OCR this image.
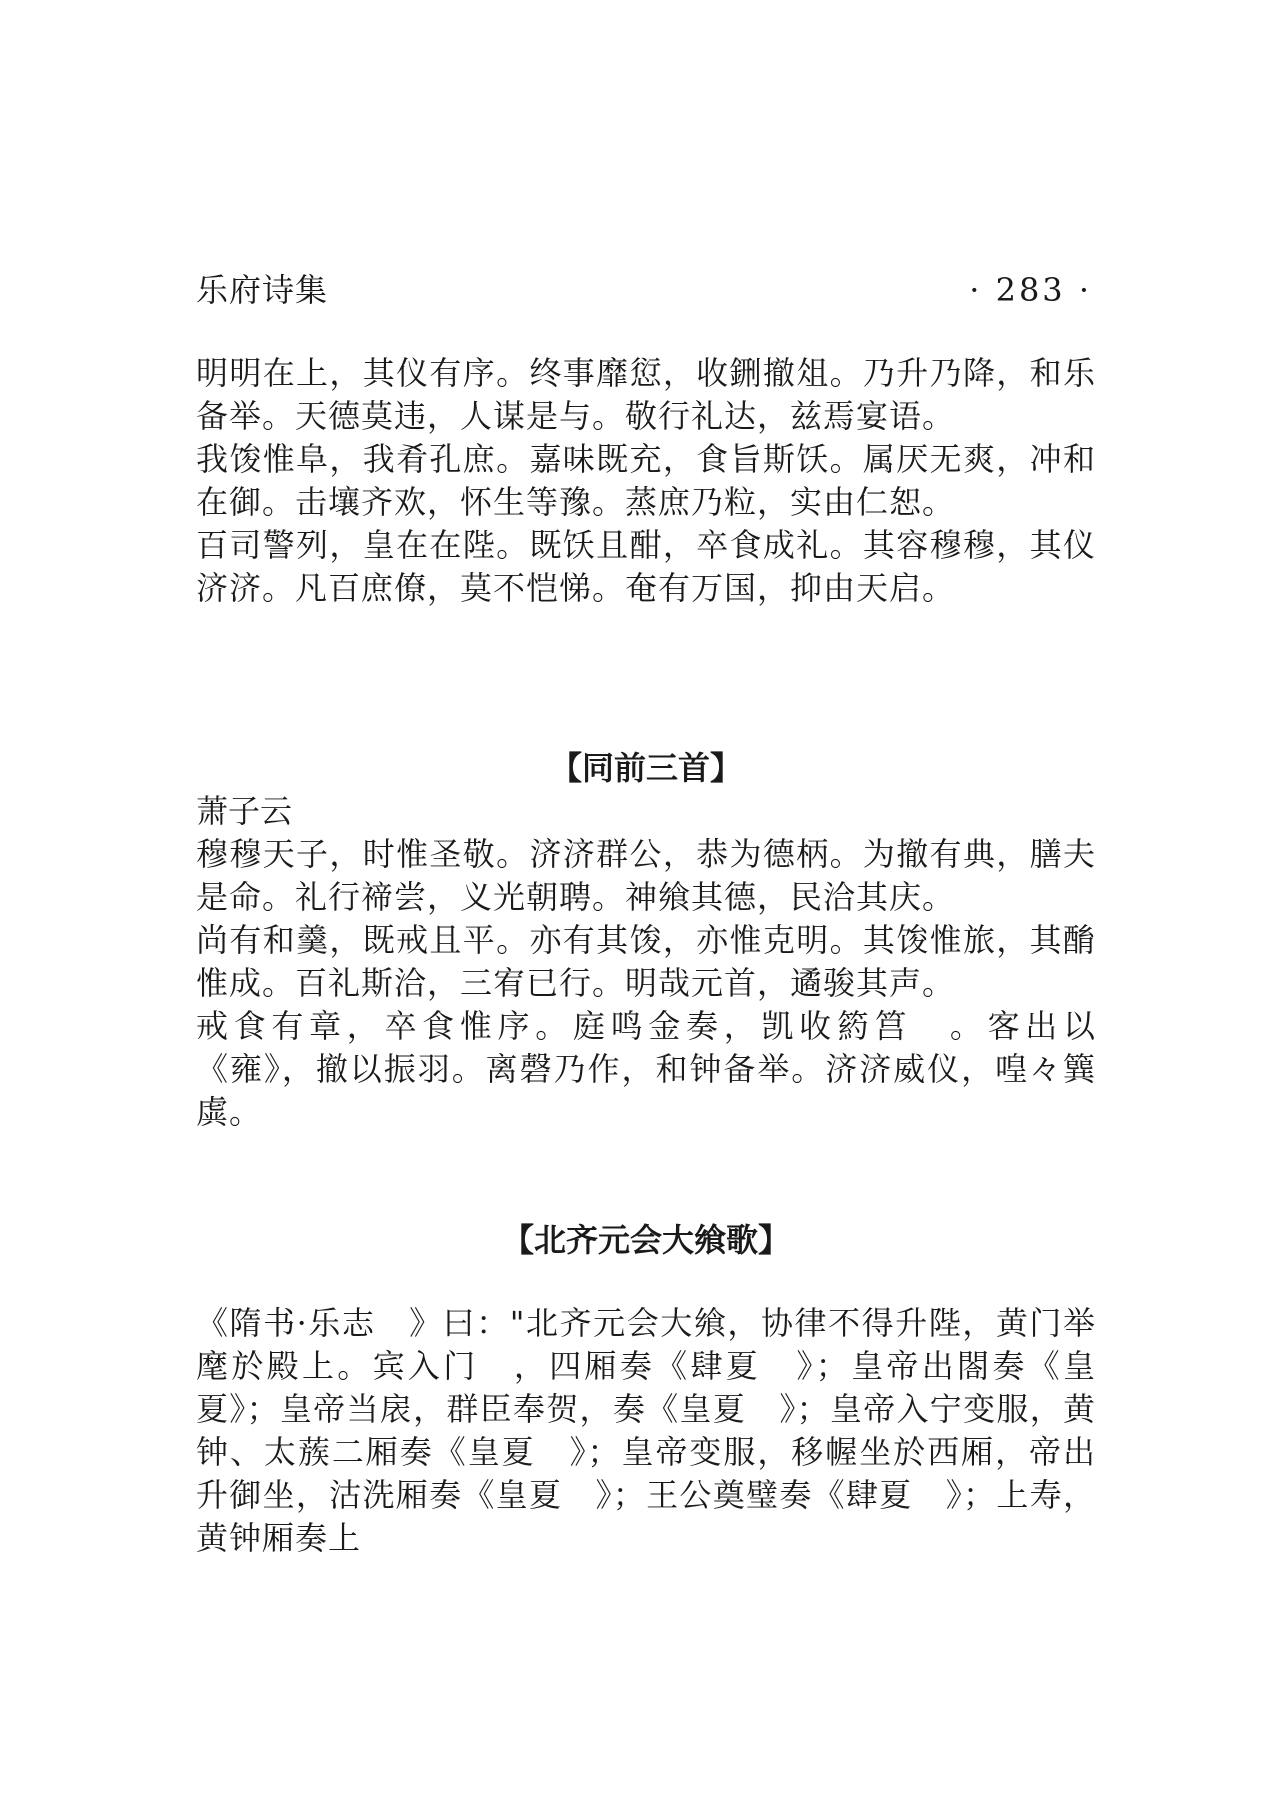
乐府诗集	· 283 ·

明明在上，其仪有序。终事靡愆，收鉶撤俎。乃升乃降，和乐备举。天德莫违，人谋是与。敬行礼达，兹焉宴语。

我馂惟阜，我肴孔庶。嘉味既充，食旨斯饫。属厌无爽，冲和在御。击壤齐欢，怀生等豫。蒸庶乃粒，实由仁恕。

百司警列，皇在在陛。既饫且酣，卒食成礼。其容穆穆，其仪济济。凡百庶僚，莫不恺悌。奄有万国，抑由天启。

【同前三首】

萧子云

穆穆天子，时惟圣敬。济济群公，恭为德柄。为撤有典，膳夫是命。礼行禘尝，义光朝聘。神飨其德，民洽其庆。

尚有和羹，既戒且平。亦有其馂，亦惟克明。其馂惟旅，其酳惟成。百礼斯洽，三宥已行。明哉元首，遹骏其声。

戒食有章，卒食惟序。庭鸣金奏，凯收箹筥　。客出以《雍》，撤以振羽。离磬乃作，和钟备举。济济威仪，喤々簨虡。

【北齐元会大飨歌】

《隋书·乐志　》曰："北齐元会大飨，协律不得升陛，黄门举麾於殿上。宾入门　，四厢奏《肆夏　》；皇帝出閤奏《皇夏》；皇帝当扆，群臣奉贺，奏《皇夏　》；皇帝入宁变服，黄钟、太蔟二厢奏《皇夏　》；皇帝变服，移幄坐於西厢，帝出升御坐，沽洗厢奏《皇夏　》；王公奠璧奏《肆夏　》；上寿，黄钟厢奏上
